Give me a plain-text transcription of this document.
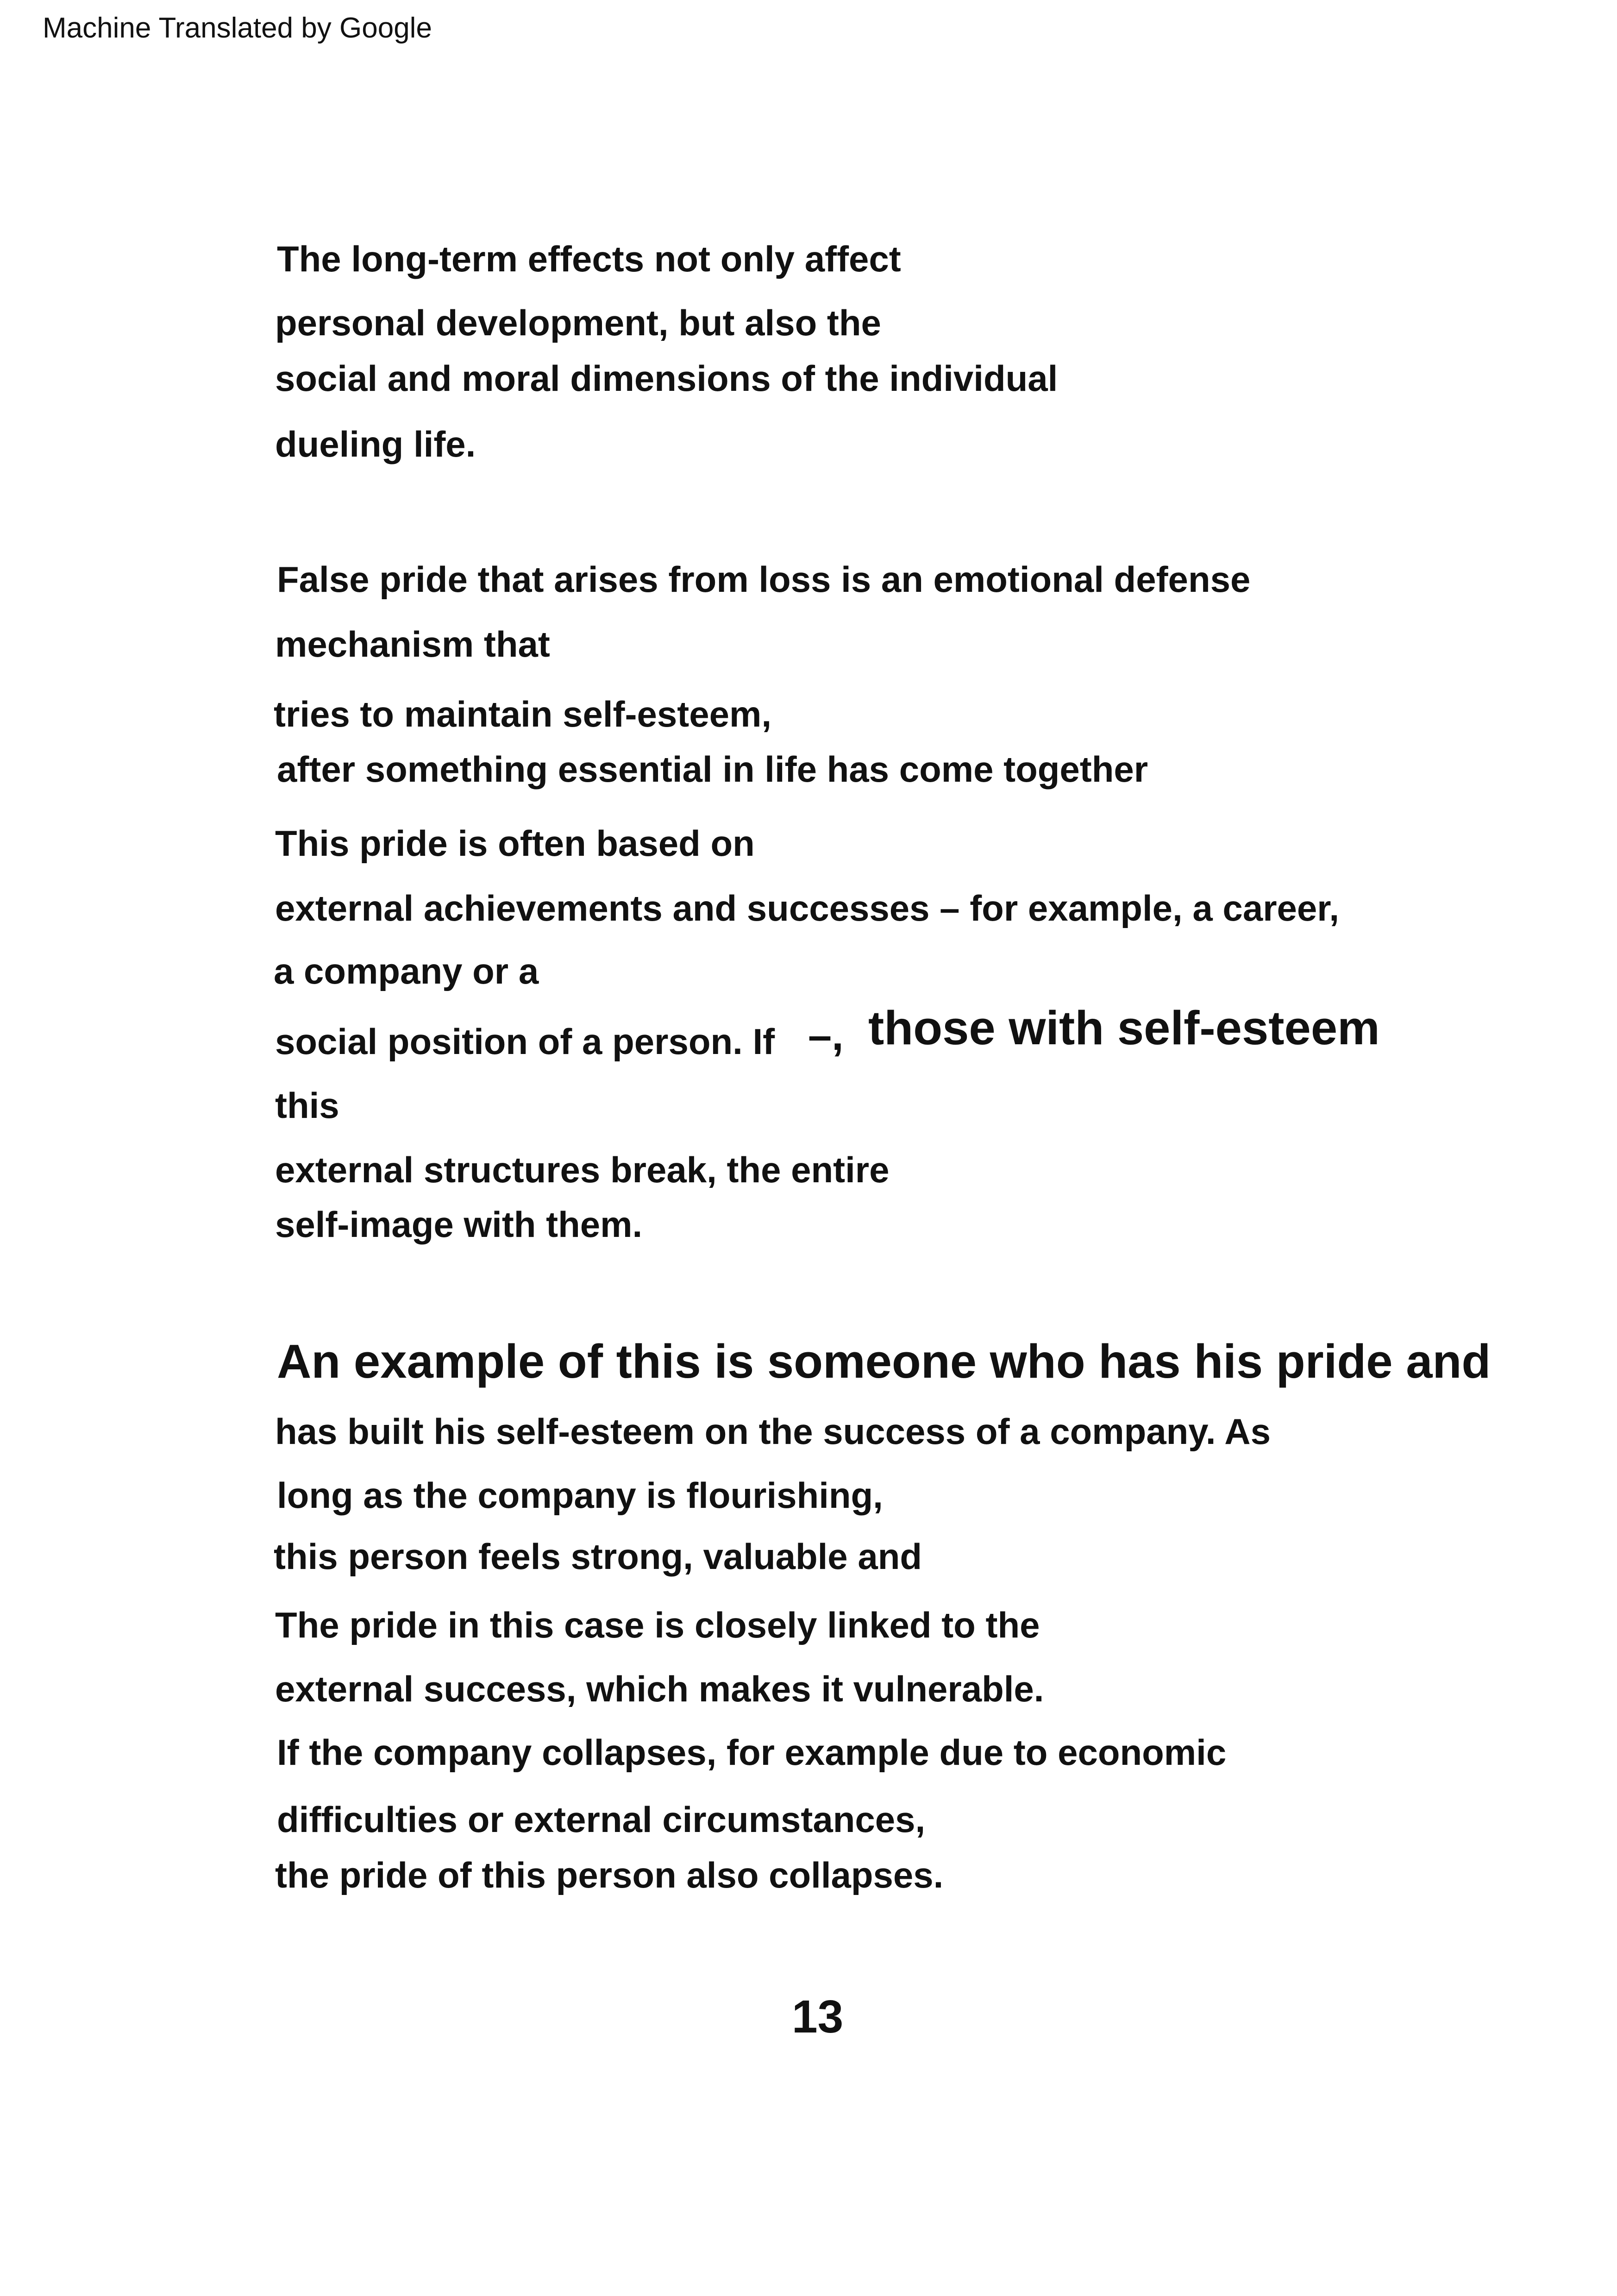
Machine Translated by Google
The long-term effects not only affect
personal development, but also the
social and moral dimensions of the individual
dueling life.
False pride that arises from loss is an emotional defense
mechanism that
tries to maintain self-esteem,
after something essential in life has come together
This pride is often based on
external achievements and successes – for example, a career,
a company or a
social position of a person. If –, those with self-esteem
this
external structures break, the entire
self-image with them.
An example of this is someone who has his pride and
has built his self-esteem on the success of a company. As
long as the company is flourishing,
this person feels strong, valuable and
The pride in this case is closely linked to the
external success, which makes it vulnerable.
If the company collapses, for example due to economic
difficulties or external circumstances,
the pride of this person also collapses.
13
